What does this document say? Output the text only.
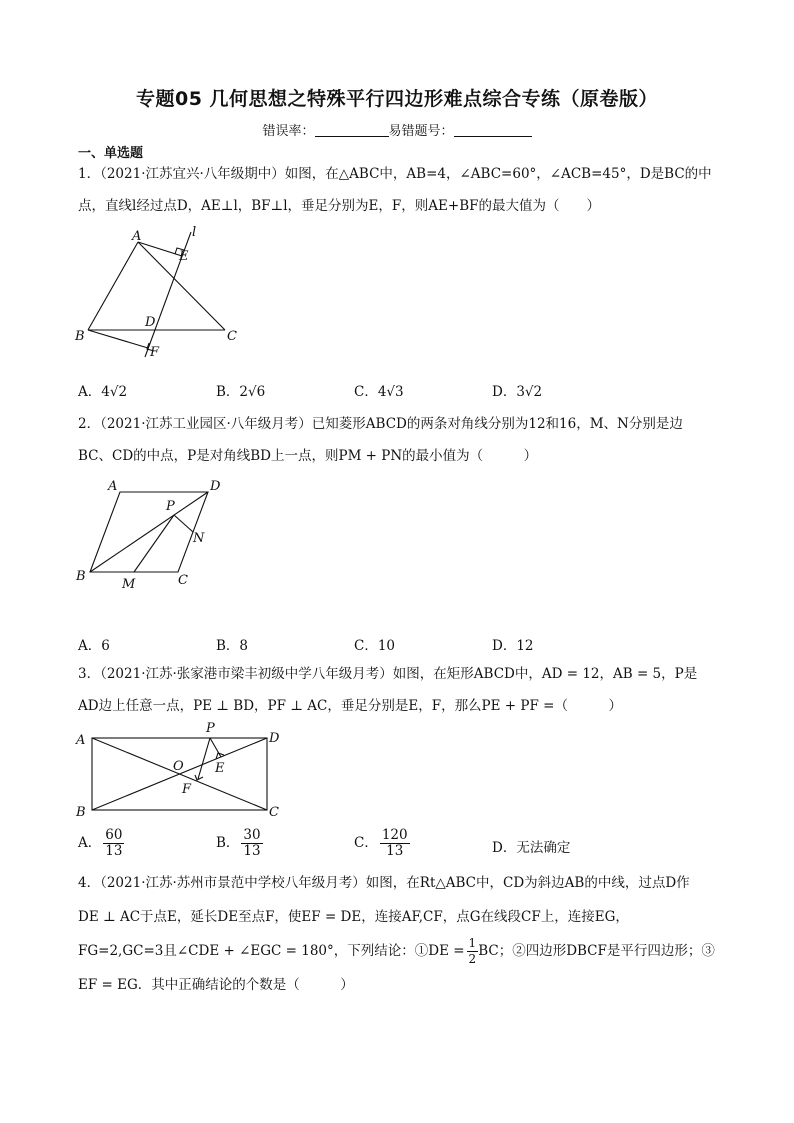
专题05 几何思想之特殊平行四边形难点综合专练（原卷版）
错误率：	易错题号：
一、单选题
1．（2021·江苏宜兴·八年级期中）如图，在△ABC中，AB=4，∠ABC=60°，∠ACB=45°，D是BC的中
点，直线l经过点D，AE⊥l，BF⊥l，垂足分别为E，F，则AE+BF的最大值为（　　）
A
B	C
D
E
F
l
A．4√2	B．2√6	C．4√3	D．3√2
2．（2021·江苏工业园区·八年级月考）已知菱形ABCD的两条对角线分别为12和16，M、N分别是边
BC、CD的中点，P是对角线BD上一点，则PM + PN的最小值为（　　　）
A
B	C
D
M
N
P
A．6	B．8	C．10	D．12
3．（2021·江苏·张家港市梁丰初级中学八年级月考）如图，在矩形ABCD中，AD = 12，AB = 5，P是
AD边上任意一点，PE ⊥ BD，PF ⊥ AC，垂足分别是E，F，那么PE + PF =（　　　）
A
B	C
D
E
F
O
P
A． $\frac{60}{13}$	B． $\frac{30}{13}$	C． $\frac{120}{13}$	D．无法确定
4．（2021·江苏·苏州市景范中学校八年级月考）如图，在Rt△ABC中，CD为斜边AB的中线，过点D作
DE ⊥ AC于点E，延长DE至点F，使EF = DE，连接AF,CF，点G在线段CF上，连接EG，
FG=2,GC=3且∠CDE + ∠EGC = 180°，下列结论：①DE = $\frac{1}{2}$ BC；②四边形DBCF是平行四边形；③
EF = EG．其中正确结论的个数是（　　　）
